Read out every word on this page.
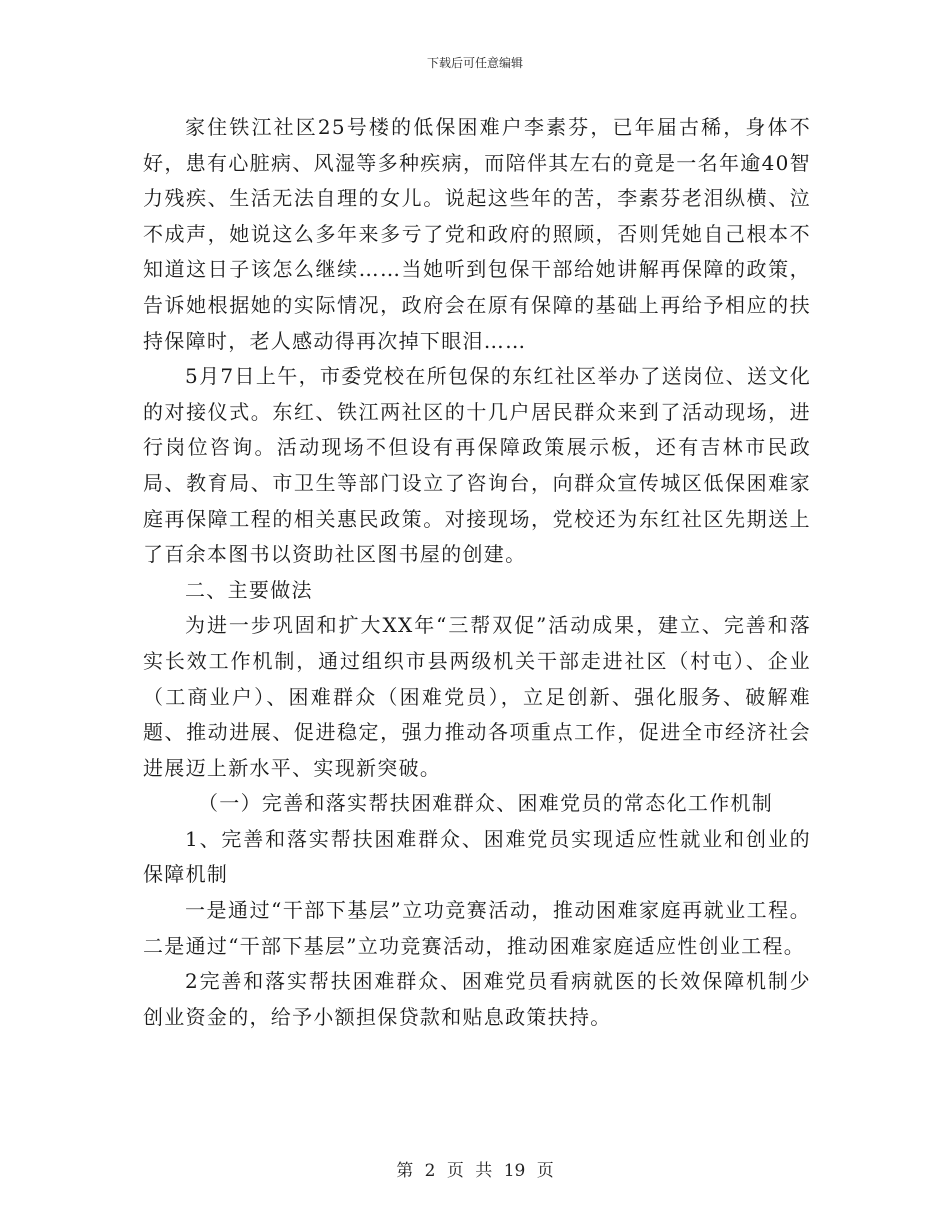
下载后可任意编辑

家住铁江社区25号楼的低保困难户李素芬，已年届古稀，身体不好，患有心脏病、风湿等多种疾病，而陪伴其左右的竟是一名年逾40智力残疾、生活无法自理的女儿。说起这些年的苦，李素芬老泪纵横、泣不成声，她说这么多年来多亏了党和政府的照顾，否则凭她自己根本不知道这日子该怎么继续……当她听到包保干部给她讲解再保障的政策，告诉她根据她的实际情况，政府会在原有保障的基础上再给予相应的扶持保障时，老人感动得再次掉下眼泪……

5月7日上午，市委党校在所包保的东红社区举办了送岗位、送文化的对接仪式。东红、铁江两社区的十几户居民群众来到了活动现场，进行岗位咨询。活动现场不但设有再保障政策展示板，还有吉林市民政局、教育局、市卫生等部门设立了咨询台，向群众宣传城区低保困难家庭再保障工程的相关惠民政策。对接现场，党校还为东红社区先期送上了百余本图书以资助社区图书屋的创建。

二、主要做法

为进一步巩固和扩大XX年“三帮双促”活动成果，建立、完善和落实长效工作机制，通过组织市县两级机关干部走进社区（村屯）、企业（工商业户）、困难群众（困难党员），立足创新、强化服务、破解难题、推动进展、促进稳定，强力推动各项重点工作，促进全市经济社会进展迈上新水平、实现新突破。

（一）完善和落实帮扶困难群众、困难党员的常态化工作机制

1、完善和落实帮扶困难群众、困难党员实现适应性就业和创业的保障机制

一是通过“干部下基层”立功竞赛活动，推动困难家庭再就业工程。二是通过“干部下基层”立功竞赛活动，推动困难家庭适应性创业工程。

2完善和落实帮扶困难群众、困难党员看病就医的长效保障机制少创业资金的，给予小额担保贷款和贴息政策扶持。

第 2 页 共 19 页
